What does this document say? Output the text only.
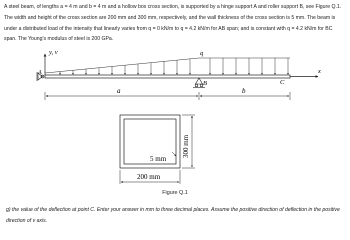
A steel beam, of lengths a = 4 m and b = 4 m and a hollow box cross section, is supported by a hinge support A and roller support B, see Figure Q.1. The width and height of the cross section are 200 mm and 300 mm, respectively, and the wall thickness of the cross section is 5 mm. The beam is under a distributed load of the intensity that linearly varies from q = 0 kN/m to q = 4.2 kN/m for AB span; and is constant with q = 4.2 kN/m for BC span. The Young's modulus of steel is 200 GPa.

y, v	q
x
A
B	C
a	b
5 mm
300 mm
200 mm
Figure Q.1

g) the value of the deflection at point C. Enter your answer in mm to three decimal places. Assume the positive direction of deflection in the positive direction of v axis.
